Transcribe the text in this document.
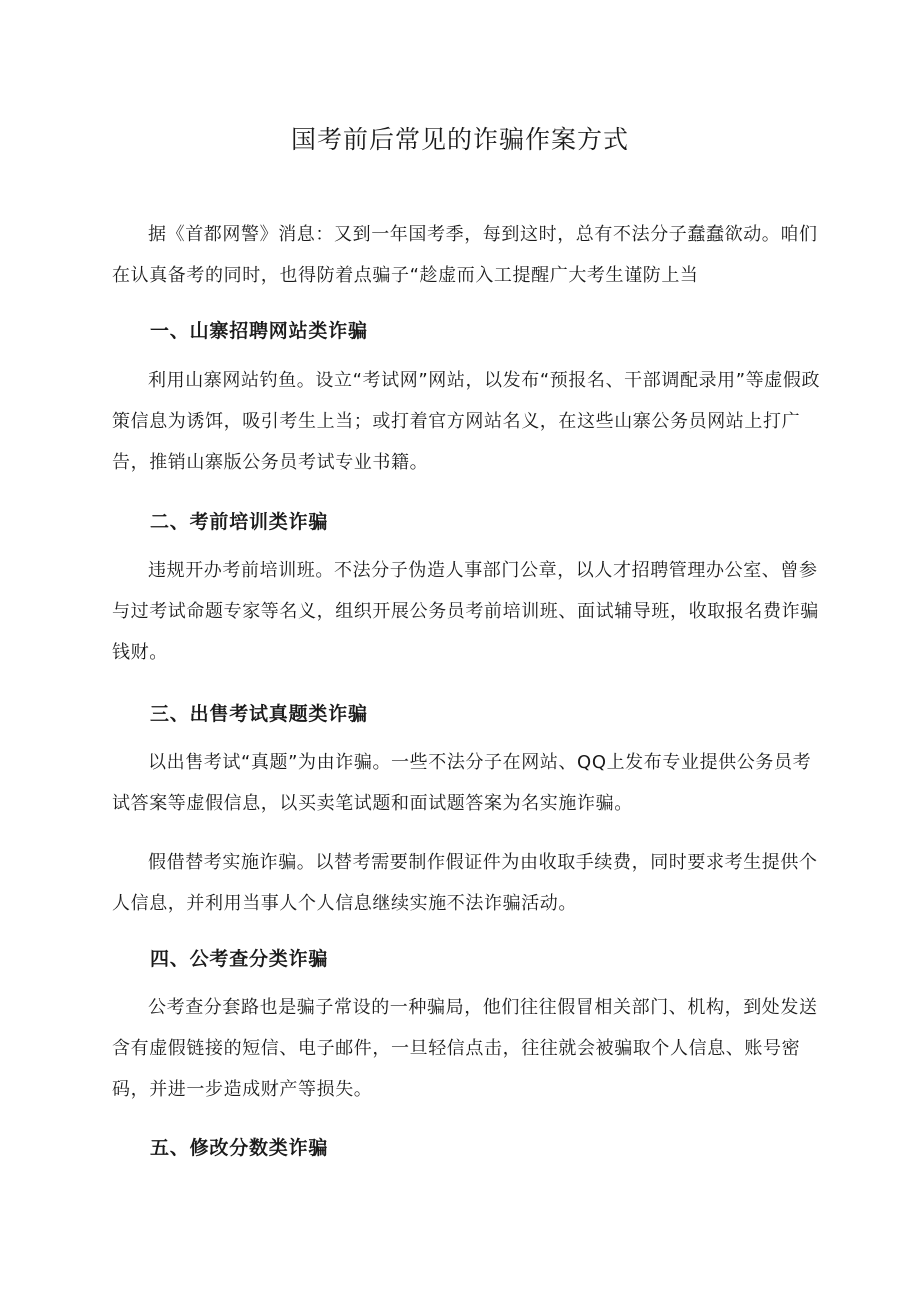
国考前后常见的诈骗作案方式

据《首都网警》消息：又到一年国考季，每到这时，总有不法分子蠢蠢欲动。咱们在认真备考的同时，也得防着点骗子“趁虚而入工提醒广大考生谨防上当

一、山寨招聘网站类诈骗

利用山寨网站钓鱼。设立“考试网”网站，以发布“预报名、干部调配录用”等虚假政策信息为诱饵，吸引考生上当；或打着官方网站名义，在这些山寨公务员网站上打广告，推销山寨版公务员考试专业书籍。

二、考前培训类诈骗

违规开办考前培训班。不法分子伪造人事部门公章，以人才招聘管理办公室、曾参与过考试命题专家等名义，组织开展公务员考前培训班、面试辅导班，收取报名费诈骗钱财。

三、出售考试真题类诈骗

以出售考试“真题”为由诈骗。一些不法分子在网站、QQ上发布专业提供公务员考试答案等虚假信息，以买卖笔试题和面试题答案为名实施诈骗。

假借替考实施诈骗。以替考需要制作假证件为由收取手续费，同时要求考生提供个人信息，并利用当事人个人信息继续实施不法诈骗活动。

四、公考查分类诈骗

公考查分套路也是骗子常设的一种骗局，他们往往假冒相关部门、机构，到处发送含有虚假链接的短信、电子邮件，一旦轻信点击，往往就会被骗取个人信息、账号密码，并进一步造成财产等损失。

五、修改分数类诈骗
